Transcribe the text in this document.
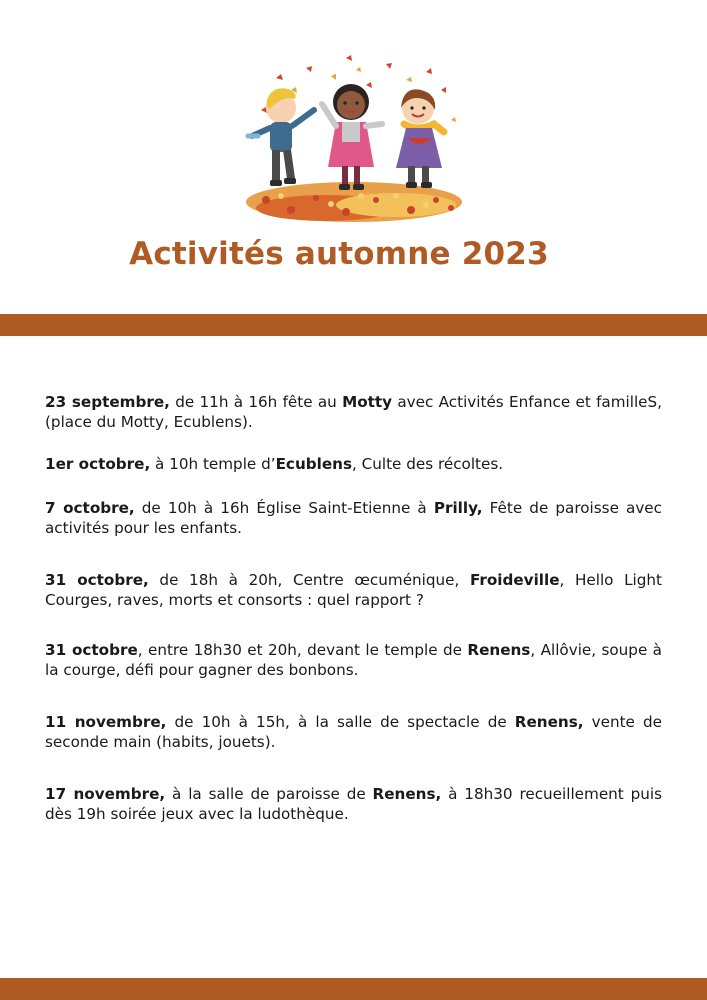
Activités automne 2023

23 septembre, de 11h à 16h fête au Motty avec Activités Enfance et familleS, (place du Motty, Ecublens).

1er octobre, à 10h temple d’Ecublens, Culte des récoltes.

7 octobre, de 10h à 16h Église Saint-Etienne à Prilly, Fête de paroisse avec activités pour les enfants.

31 octobre, de 18h à 20h, Centre œcuménique, Froideville, Hello Light Courges, raves, morts et consorts : quel rapport ?

31 octobre, entre 18h30 et 20h, devant le temple de Renens, Allôvie, soupe à la courge, défi pour gagner des bonbons.

11 novembre, de 10h à 15h, à la salle de spectacle de Renens, vente de seconde main (habits, jouets).

17 novembre, à la salle de paroisse de Renens, à 18h30 recueillement puis dès 19h soirée jeux avec la ludothèque.
